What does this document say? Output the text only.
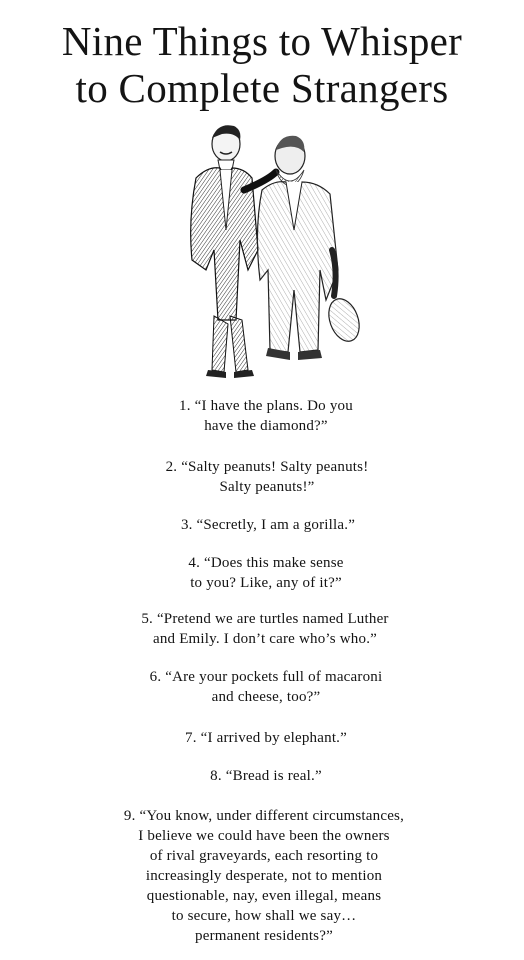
Nine Things to Whisper
to Complete Strangers
1. “I have the plans. Do you
have the diamond?”
2. “Salty peanuts! Salty peanuts!
Salty peanuts!”
3. “Secretly, I am a gorilla.”
4. “Does this make sense
to you? Like, any of it?”
5. “Pretend we are turtles named Luther
and Emily. I don’t care who’s who.”
6. “Are your pockets full of macaroni
and cheese, too?”
7. “I arrived by elephant.”
8. “Bread is real.”
9. “You know, under different circumstances,
I believe we could have been the owners
of rival graveyards, each resorting to
increasingly desperate, not to mention
questionable, nay, even illegal, means
to secure, how shall we say…
permanent residents?”
